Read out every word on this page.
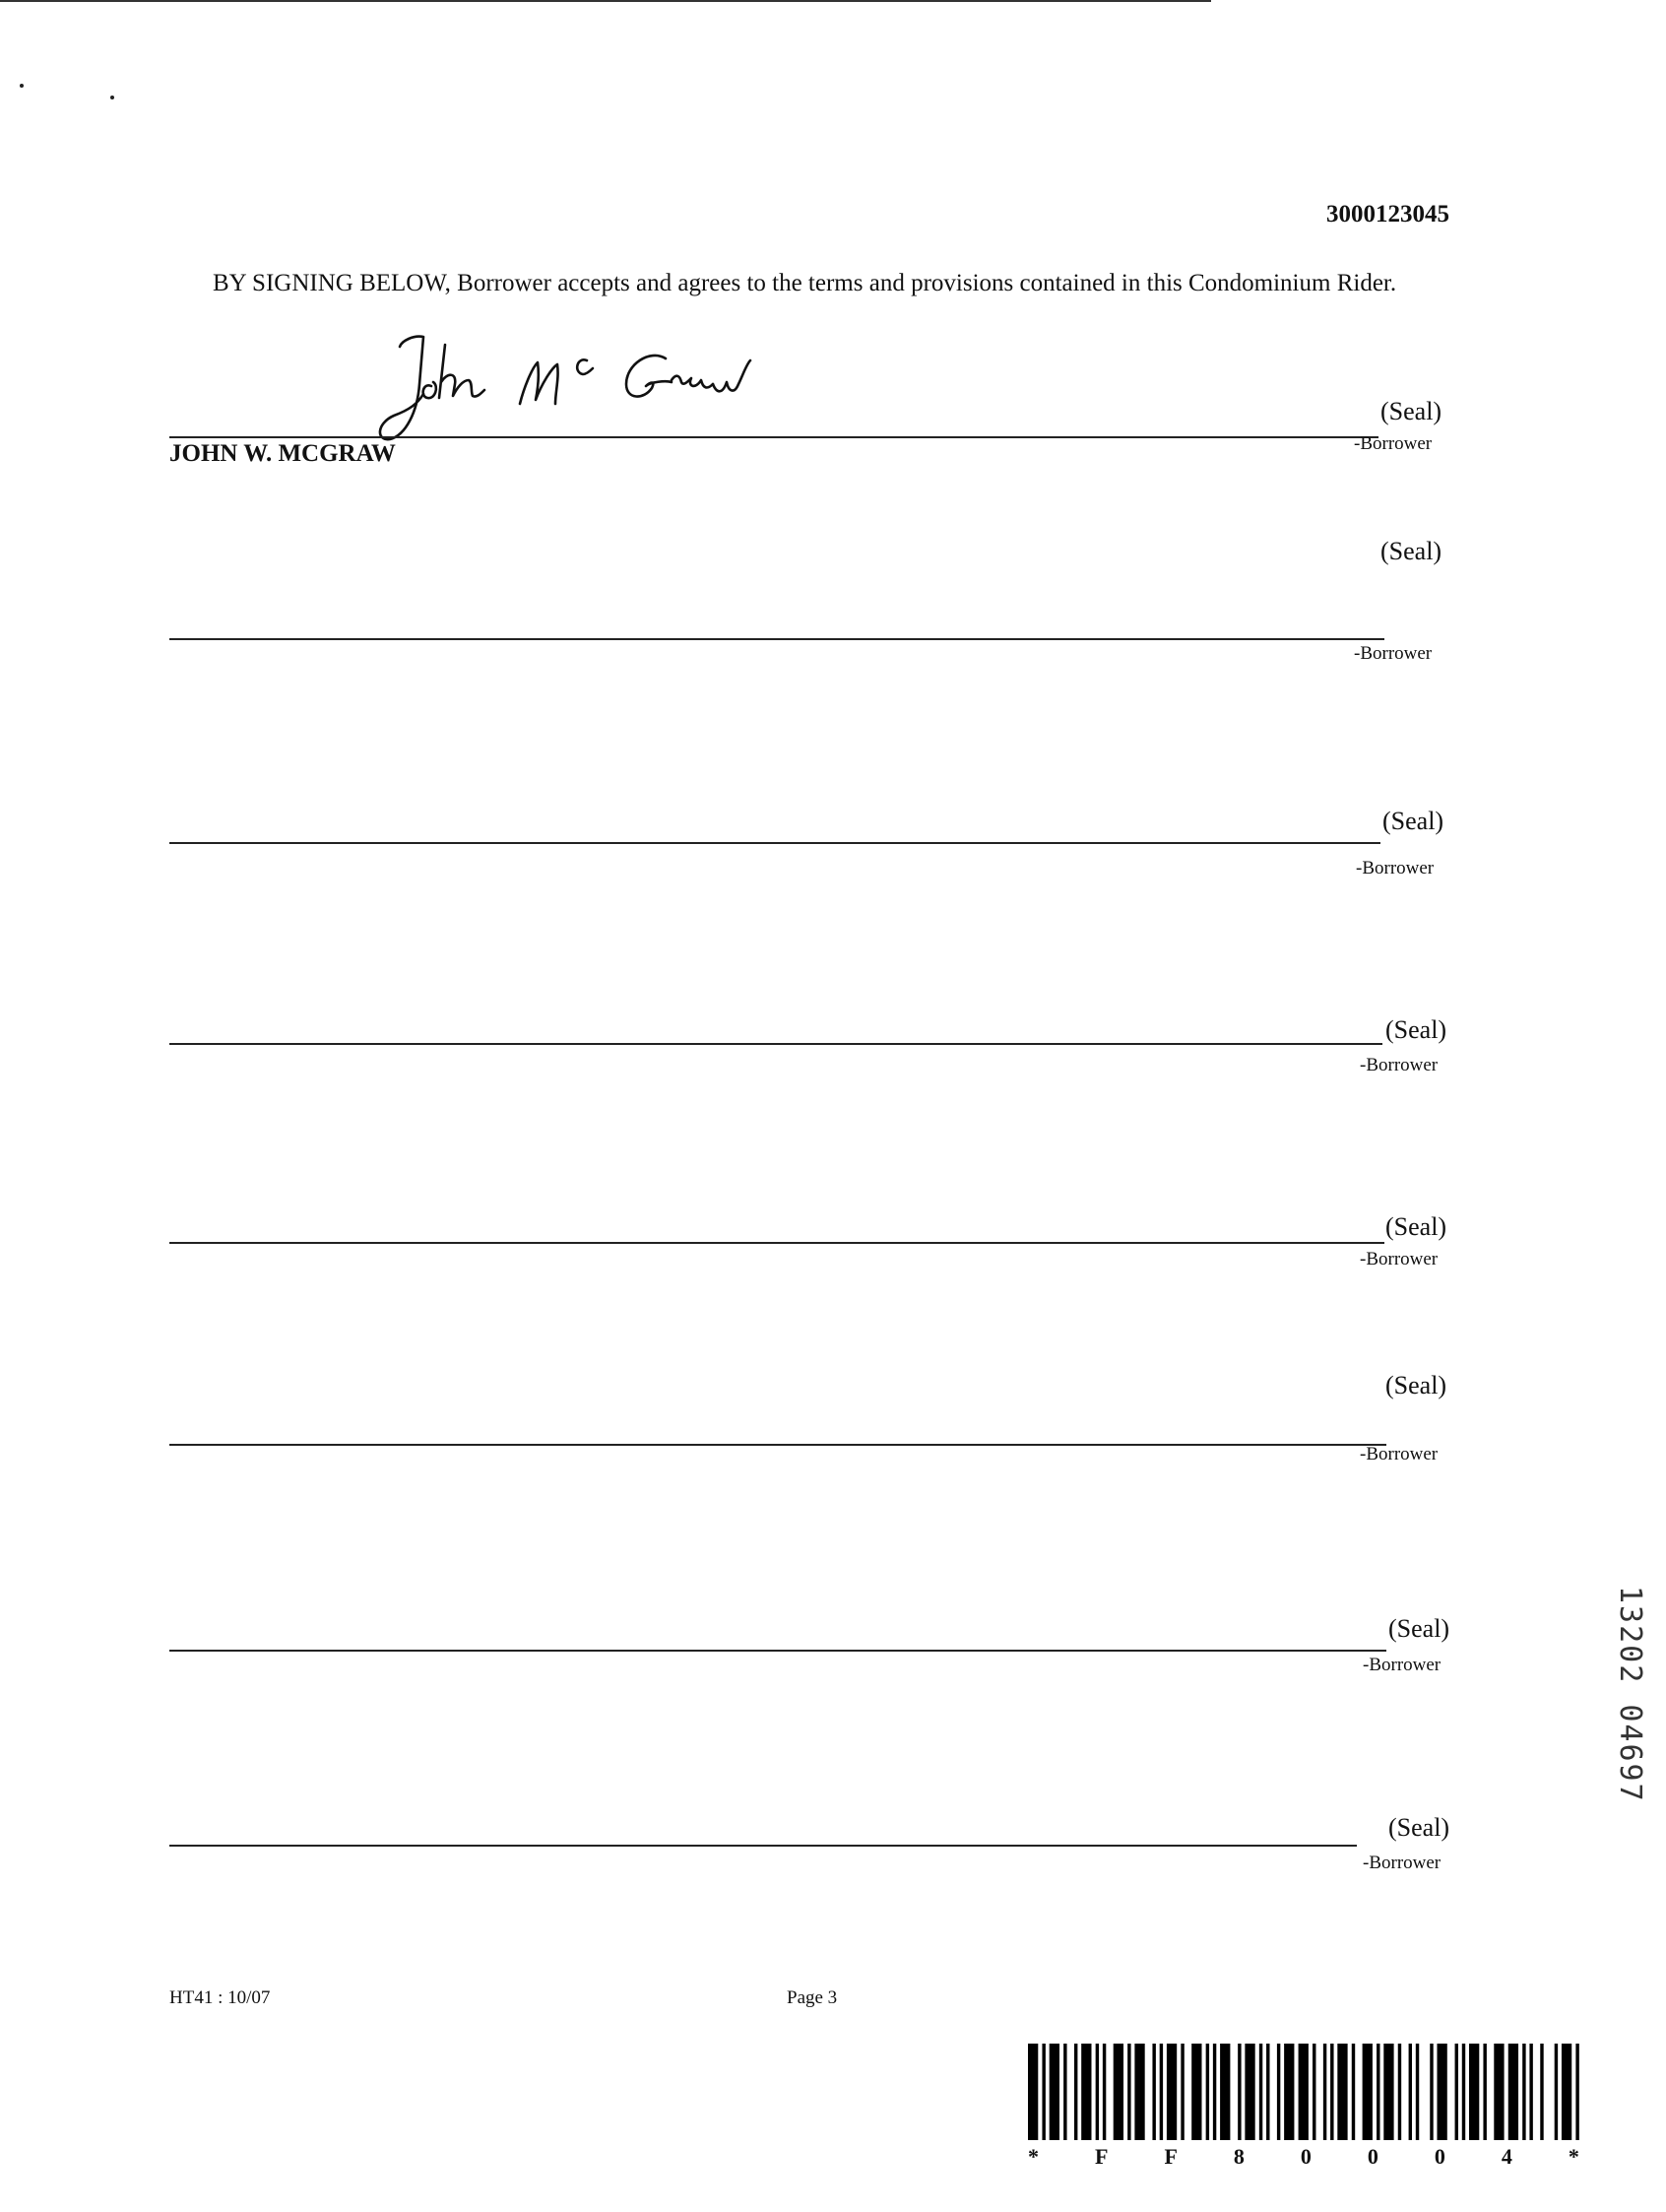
3000123045
BY SIGNING BELOW, Borrower accepts and agrees to the terms and provisions contained in this Condominium Rider.
(Seal)
-Borrower
JOHN W. MCGRAW
(Seal)
-Borrower
(Seal)
-Borrower
(Seal)
-Borrower
(Seal)
-Borrower
(Seal)
-Borrower
(Seal)
-Borrower
(Seal)
-Borrower
13202 04697
HT41 : 10/07	Page 3
*	F	F	8	0	0	0	4	*
